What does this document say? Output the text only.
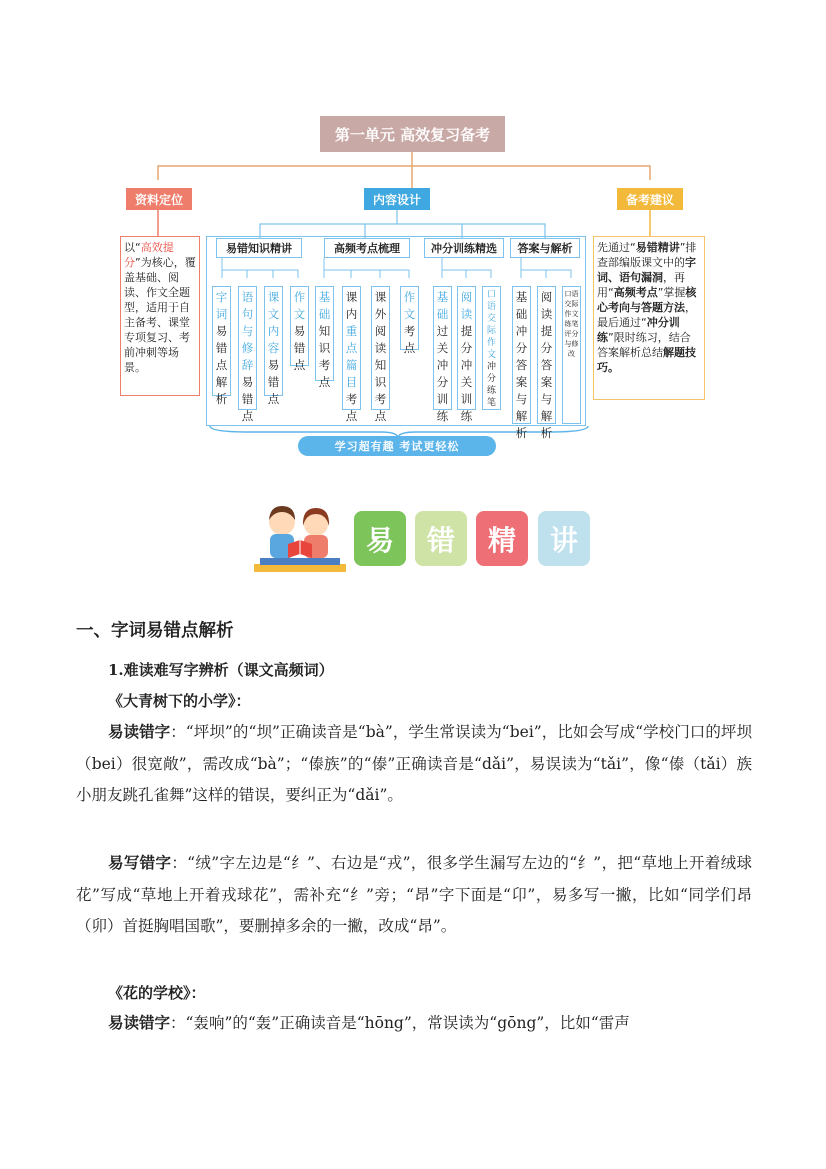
第一单元 高效复习备考
资料定位	内容设计	备考建议
以“高效提分”为核心，覆盖基础、阅读、作文全题型，适用于自主备考、课堂专项复习、考前冲刺等场景。
易错知识精讲	高频考点梳理	冲分训练精选	答案与解析
字词易错点解析
语句与修辞易错点
课文内容易错点
作文易错点
基础知识考点
课内重点篇目考点
课外阅读知识考点
作文考点
基础过关冲分训练
阅读提分冲关训练
口语交际作文冲分练笔
基础冲分答案与解析
阅读提分答案与解析
口语交际作文练笔评分与修改
先通过“易错精讲”排查部编版课文中的字词、语句漏洞，再用“高频考点”掌握核心考向与答题方法，最后通过“冲分训练”限时练习，结合答案解析总结解题技巧。
学习超有趣 考试更轻松
易	错	精	讲
一、字词易错点解析
1.难读难写字辨析（课文高频词）
《大青树下的小学》：
易读错字：“坪坝”的“坝”正确读音是“bà”，学生常误读为“bei”，比如会写成“学校门口的坪坝（bei）很宽敞”，需改成“bà”；“傣族”的“傣”正确读音是“dǎi”，易误读为“tǎi”，像“傣（tǎi）族小朋友跳孔雀舞”这样的错误，要纠正为“dǎi”。
易写错字：“绒”字左边是“纟”、右边是“戎”，很多学生漏写左边的“纟”，把“草地上开着绒球花”写成“草地上开着戎球花”，需补充“纟”旁；“昂”字下面是“卬”，易多写一撇，比如“同学们昂（卯）首挺胸唱国歌”，要删掉多余的一撇，改成“昂”。
《花的学校》：
易读错字：“轰响”的“轰”正确读音是“hōng”，常误读为“gōng”，比如“雷声
